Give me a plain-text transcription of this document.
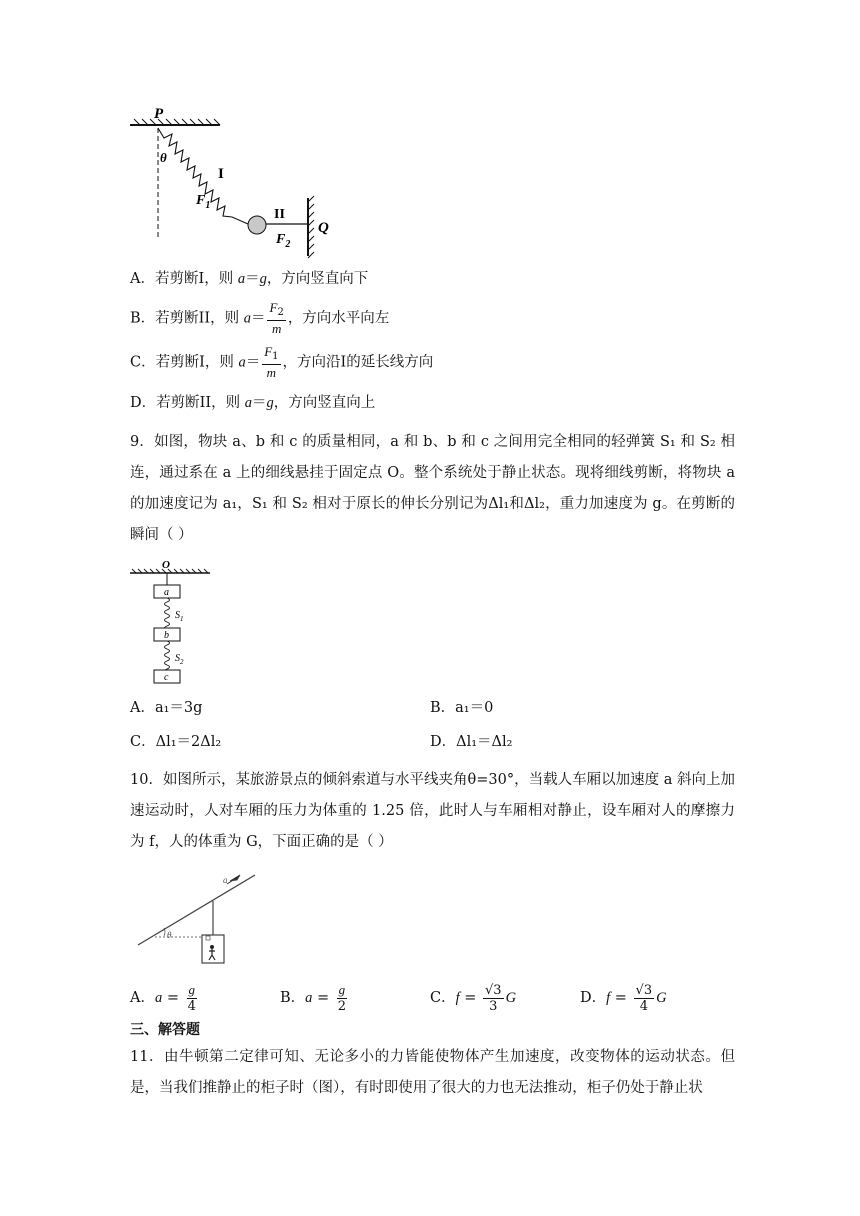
P
θ
I
$F_1$
II
$F_2$
Q
A．若剪断I，则 a＝g，方向竖直向下
B．若剪断II，则 $a= \frac{F_2}{m}$ ，方向水平向左
C．若剪断I，则 $a= \frac{F_1}{m}$ ，方向沿I的延长线方向
D．若剪断II，则 a＝g，方向竖直向上
9．如图，物块 a、b 和 c 的质量相同，a 和 b、b 和 c 之间用完全相同的轻弹簧 S₁ 和 S₂ 相连，通过系在 a 上的细线悬挂于固定点 O。整个系统处于静止状态。现将细线剪断，将物块 a 的加速度记为 a₁，S₁ 和 S₂ 相对于原长的伸长分别记为Δl₁和Δl₂，重力加速度为 g。在剪断的瞬间（ ）
O
a
$S_1$
b
$S_2$
c
A．a₁＝3g	B．a₁＝0
C．Δl₁＝2Δl₂	D．Δl₁＝Δl₂
10．如图所示，某旅游景点的倾斜索道与水平线夹角θ=30°，当载人车厢以加速度 a 斜向上加速运动时，人对车厢的压力为体重的 1.25 倍，此时人与车厢相对静止，设车厢对人的摩擦力为 f，人的体重为 G，下面正确的是（ ）
a
θ
A．$a = \frac{g}{4}$	B．$a = \frac{g}{2}$	C．$f = \frac{√3}{3}$ G	D．$f = \frac{√3}{4}$ G
三、解答题
11．由牛顿第二定律可知、无论多小的力皆能使物体产生加速度，改变物体的运动状态。但是，当我们推静止的柜子时（图），有时即使用了很大的力也无法推动，柜子仍处于静止状
